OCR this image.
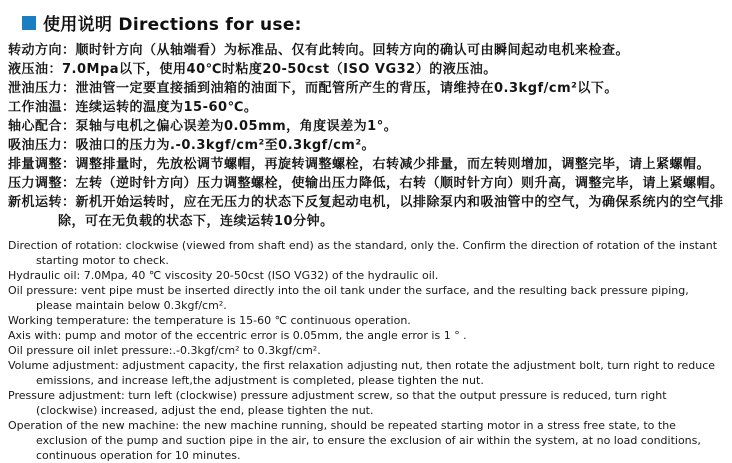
使用说明 Directions for use:

转动方向：顺时针方向（从轴端看）为标准品、仅有此转向。回转方向的确认可由瞬间起动电机来检查。

液压油：7.0Mpa以下，使用40℃时粘度20-50cst（ISO VG32）的液压油。

泄油压力：泄油管一定要直接插到油箱的油面下，而配管所产生的背压，请维持在0.3kgf/cm²以下。

工作油温：连续运转的温度为15-60℃。

轴心配合：泵轴与电机之偏心误差为0.05mm，角度误差为1°。

吸油压力：吸油口的压力为.-0.3kgf/cm²至0.3kgf/cm²。

排量调整：调整排量时，先放松调节螺帽，再旋转调整螺栓，右转减少排量，而左转则增加，调整完毕，请上紧螺帽。

压力调整：左转（逆时针方向）压力调整螺栓，使输出压力降低，右转（顺时针方向）则升高，调整完毕，请上紧螺帽。

新机运转：新机开始运转时，应在无压力的状态下反复起动电机，以排除泵内和吸油管中的空气，为确保系统内的空气排除，可在无负载的状态下，连续运转10分钟。

Direction of rotation: clockwise (viewed from shaft end) as the standard, only the. Confirm the direction of rotation of the instant starting motor to check.

Hydraulic oil: 7.0Mpa, 40 ℃ viscosity 20-50cst (ISO VG32) of the hydraulic oil.

Oil pressure: vent pipe must be inserted directly into the oil tank under the surface, and the resulting back pressure piping, please maintain below 0.3kgf/cm².

Working temperature: the temperature is 15-60 ℃ continuous operation.

Axis with: pump and motor of the eccentric error is 0.05mm, the angle error is 1 ° .

Oil pressure oil inlet pressure:.-0.3kgf/cm² to 0.3kgf/cm².

Volume adjustment: adjustment capacity, the first relaxation adjusting nut, then rotate the adjustment bolt, turn right to reduce emissions, and increase left,the adjustment is completed, please tighten the nut.

Pressure adjustment: turn left (clockwise) pressure adjustment screw, so that the output pressure is reduced, turn right (clockwise) increased, adjust the end, please tighten the nut.

Operation of the new machine: the new machine running, should be repeated starting motor in a stress free state, to the exclusion of the pump and suction pipe in the air, to ensure the exclusion of air within the system, at no load conditions, continuous operation for 10 minutes.
